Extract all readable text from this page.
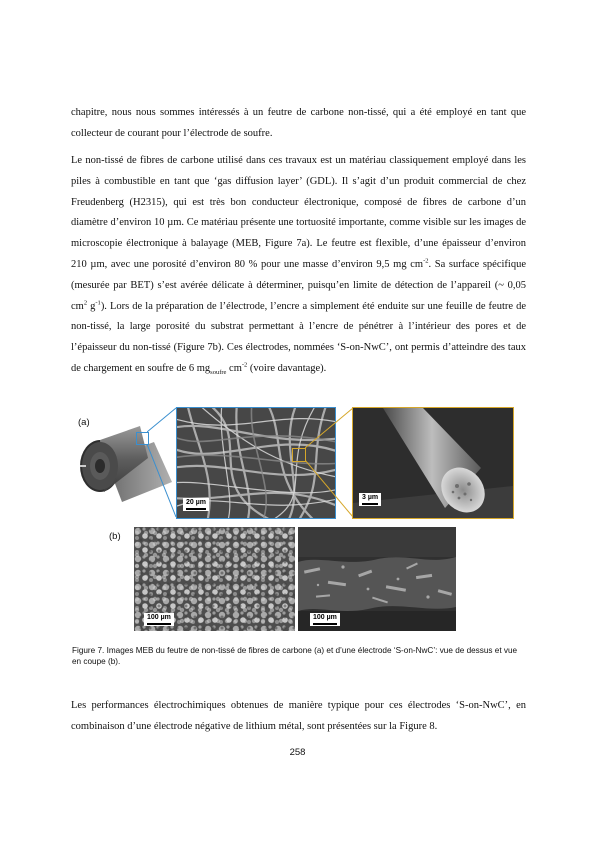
chapitre, nous nous sommes intéressés à un feutre de carbone non-tissé, qui a été employé en tant que collecteur de courant pour l’électrode de soufre.

Le non-tissé de fibres de carbone utilisé dans ces travaux est un matériau classiquement employé dans les piles à combustible en tant que ‘gas diffusion layer’ (GDL). Il s’agit d’un produit commercial de chez Freudenberg (H2315), qui est très bon conducteur électronique, composé de fibres de carbone d’un diamètre d’environ 10 µm. Ce matériau présente une tortuosité importante, comme visible sur les images de microscopie électronique à balayage (MEB, Figure 7a). Le feutre est flexible, d’une épaisseur d’environ 210 µm, avec une porosité d’environ 80 % pour une masse d’environ 9,5 mg $cm^{-2}$. Sa surface spécifique (mesurée par BET) s’est avérée délicate à déterminer, puisqu’en limite de détection de l’appareil (~ 0,05 $cm^2$ $g^{-1}$). Lors de la préparation de l’électrode, l’encre a simplement été enduite sur une feuille de feutre de non-tissé, la large porosité du substrat permettant à l’encre de pénétrer à l’intérieur des pores et de l’épaisseur du non-tissé (Figure 7b). Ces électrodes, nommées ‘S-on-NwC’, ont permis d’atteindre des taux de chargement en soufre de 6 $mg_{soufre}$ $cm^{-2}$ (voire davantage).

(a)
20 µm
3 µm
(b)
100 µm	100 µm
Figure 7. Images MEB du feutre de non-tissé de fibres de carbone (a) et d’une électrode ‘S-on-NwC’: vue de dessus et vue en coupe (b).

Les performances électrochimiques obtenues de manière typique pour ces électrodes ‘S-on-NwC’, en combinaison d’une électrode négative de lithium métal, sont présentées sur la Figure 8.

258
